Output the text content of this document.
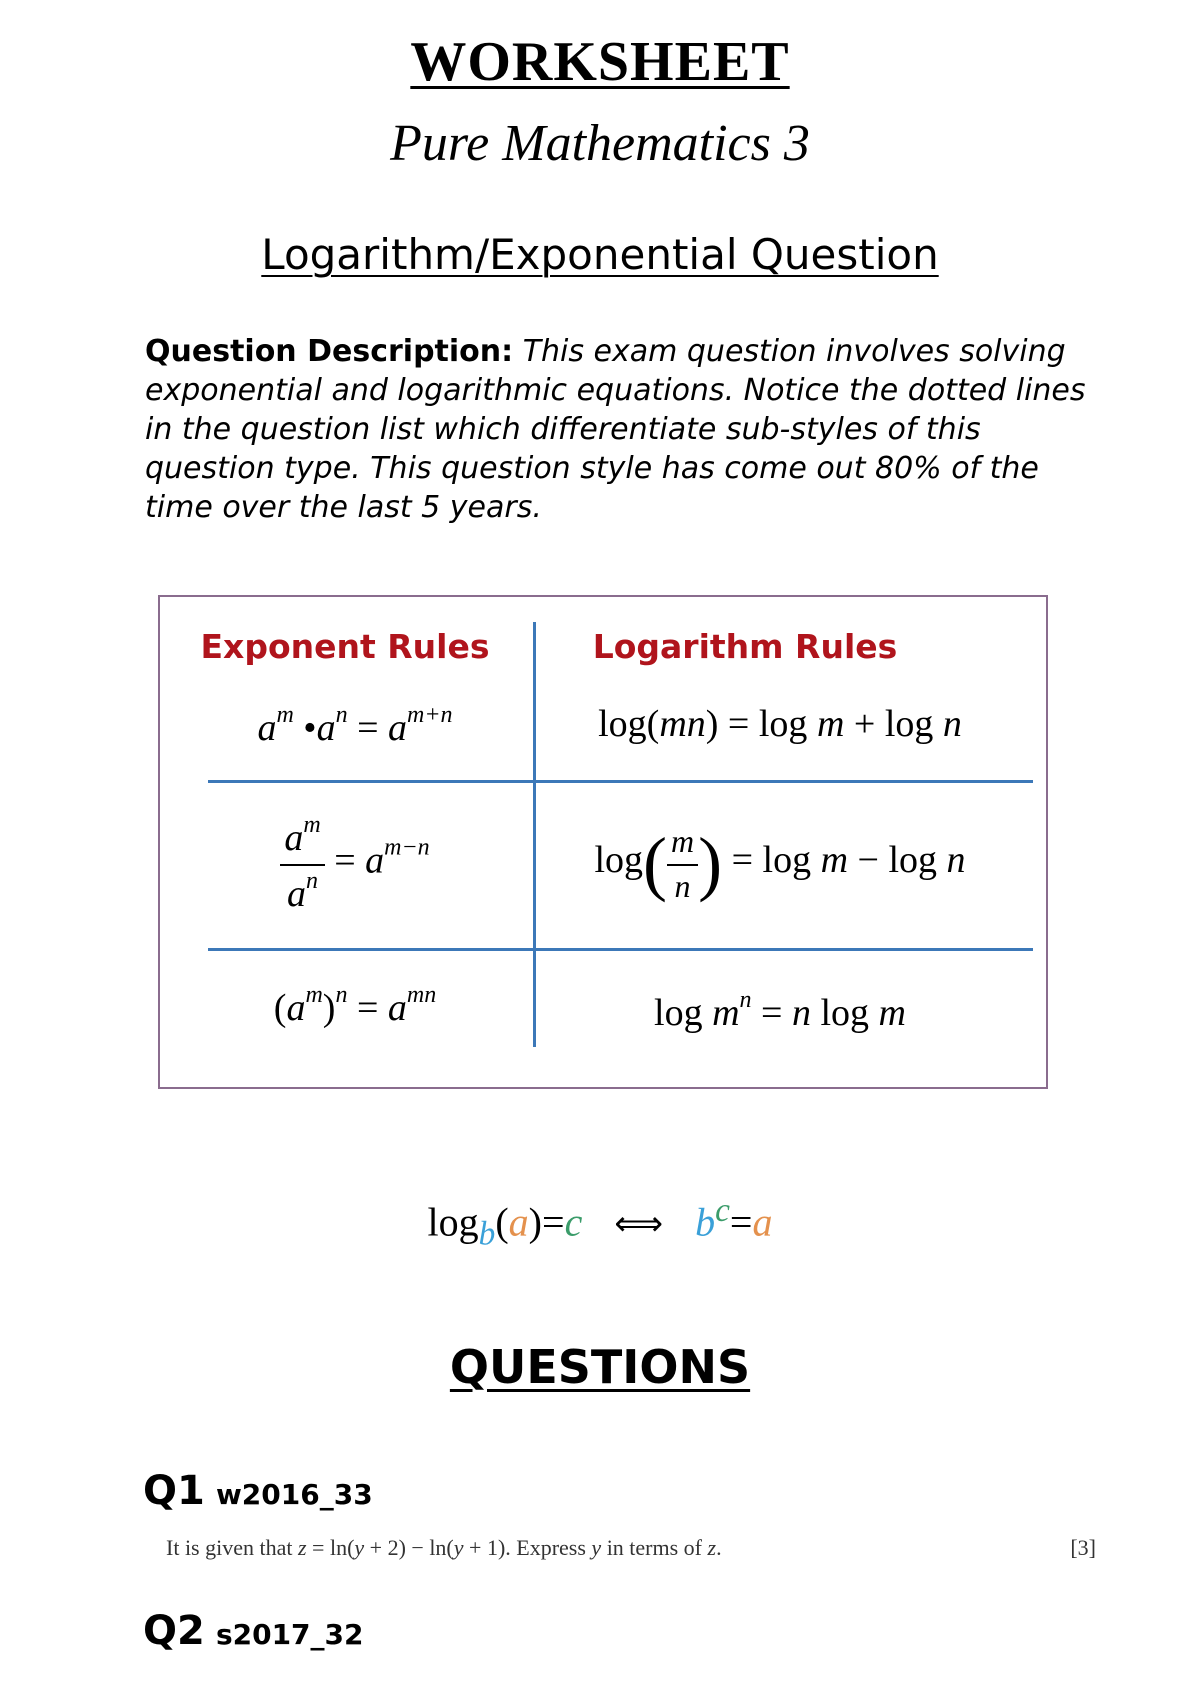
WORKSHEET
Pure Mathematics 3
Logarithm/Exponential Question
Question Description: This exam question involves solving exponential and logarithmic equations. Notice the dotted lines in the question list which differentiate sub-styles of this question type. This question style has come out 80% of the time over the last 5 years.
Exponent Rules	Logarithm Rules
$a^m$ $•a^n = a^{m+n}$	log(mn) = log m + log n
$\frac{a^m}{a^n} = a^{m-n}$	$\log( \frac{m}{n}$ ) = log m − log n
$(a^m)^n = a^{mn}$	$\log m^n = n$ log m
$\log_b(a)=c$ ⟺ $b^c=a$
QUESTIONS
Q1 w2016_33
It is given that z = ln(y + 2) − ln(y + 1). Express y in terms of z.	[3]
Q2 s2017_32
